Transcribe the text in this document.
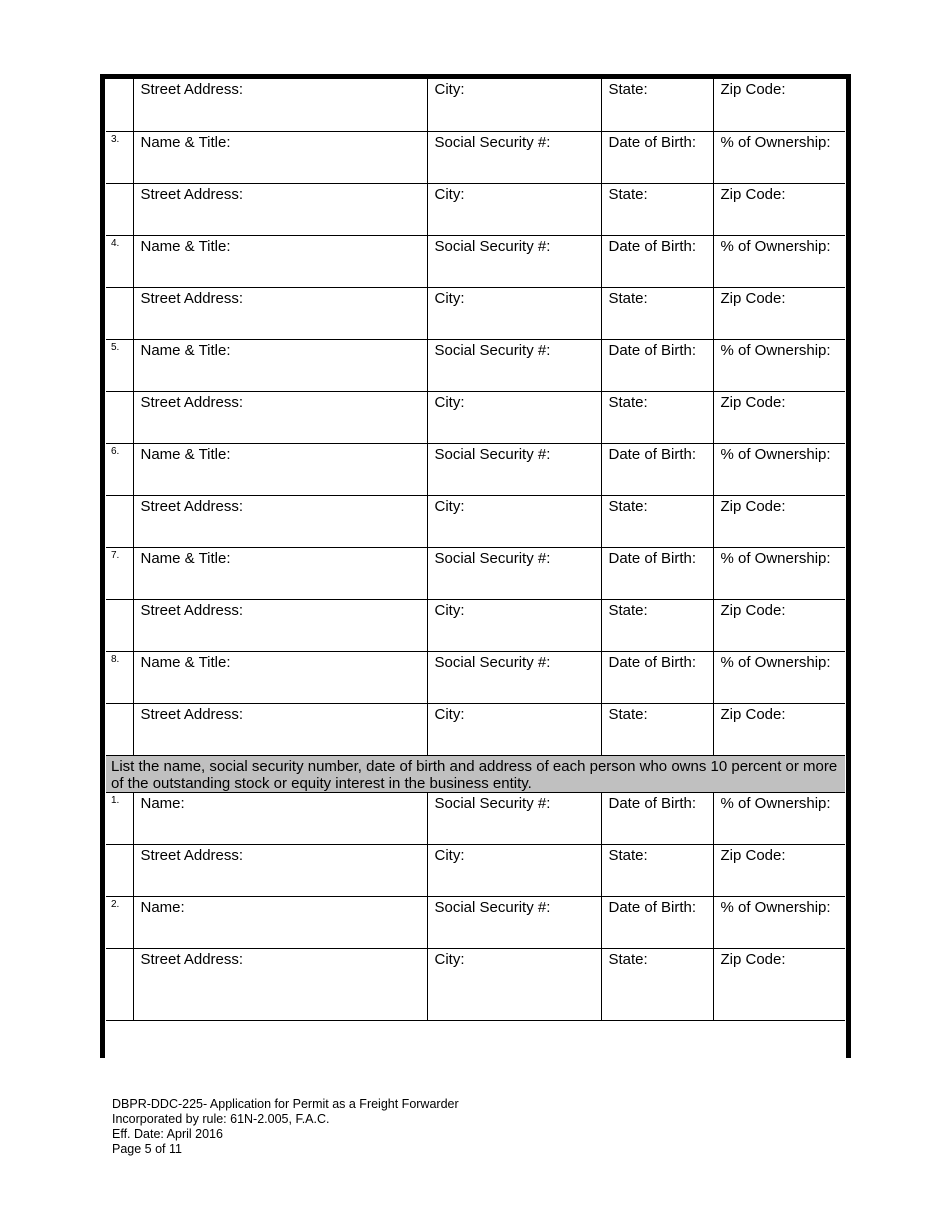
	Street Address:	City:	State:	Zip Code:
3.	Name & Title:	Social Security #:	Date of Birth:	% of Ownership:
	Street Address:	City:	State:	Zip Code:
4.	Name & Title:	Social Security #:	Date of Birth:	% of Ownership:
	Street Address:	City:	State:	Zip Code:
5.	Name & Title:	Social Security #:	Date of Birth:	% of Ownership:
	Street Address:	City:	State:	Zip Code:
6.	Name & Title:	Social Security #:	Date of Birth:	% of Ownership:
	Street Address:	City:	State:	Zip Code:
7.	Name & Title:	Social Security #:	Date of Birth:	% of Ownership:
	Street Address:	City:	State:	Zip Code:
8.	Name & Title:	Social Security #:	Date of Birth:	% of Ownership:
	Street Address:	City:	State:	Zip Code:
List the name, social security number, date of birth and address of each person who owns 10 percent or more of the outstanding stock or equity interest in the business entity.				
1.	Name:	Social Security #:	Date of Birth:	% of Ownership:
	Street Address:	City:	State:	Zip Code:
2.	Name:	Social Security #:	Date of Birth:	% of Ownership:
	Street Address:	City:	State:	Zip Code:
DBPR-DDC-225- Application for Permit as a Freight Forwarder
Incorporated by rule: 61N-2.005, F.A.C.
Eff. Date: April 2016
Page 5 of 11
